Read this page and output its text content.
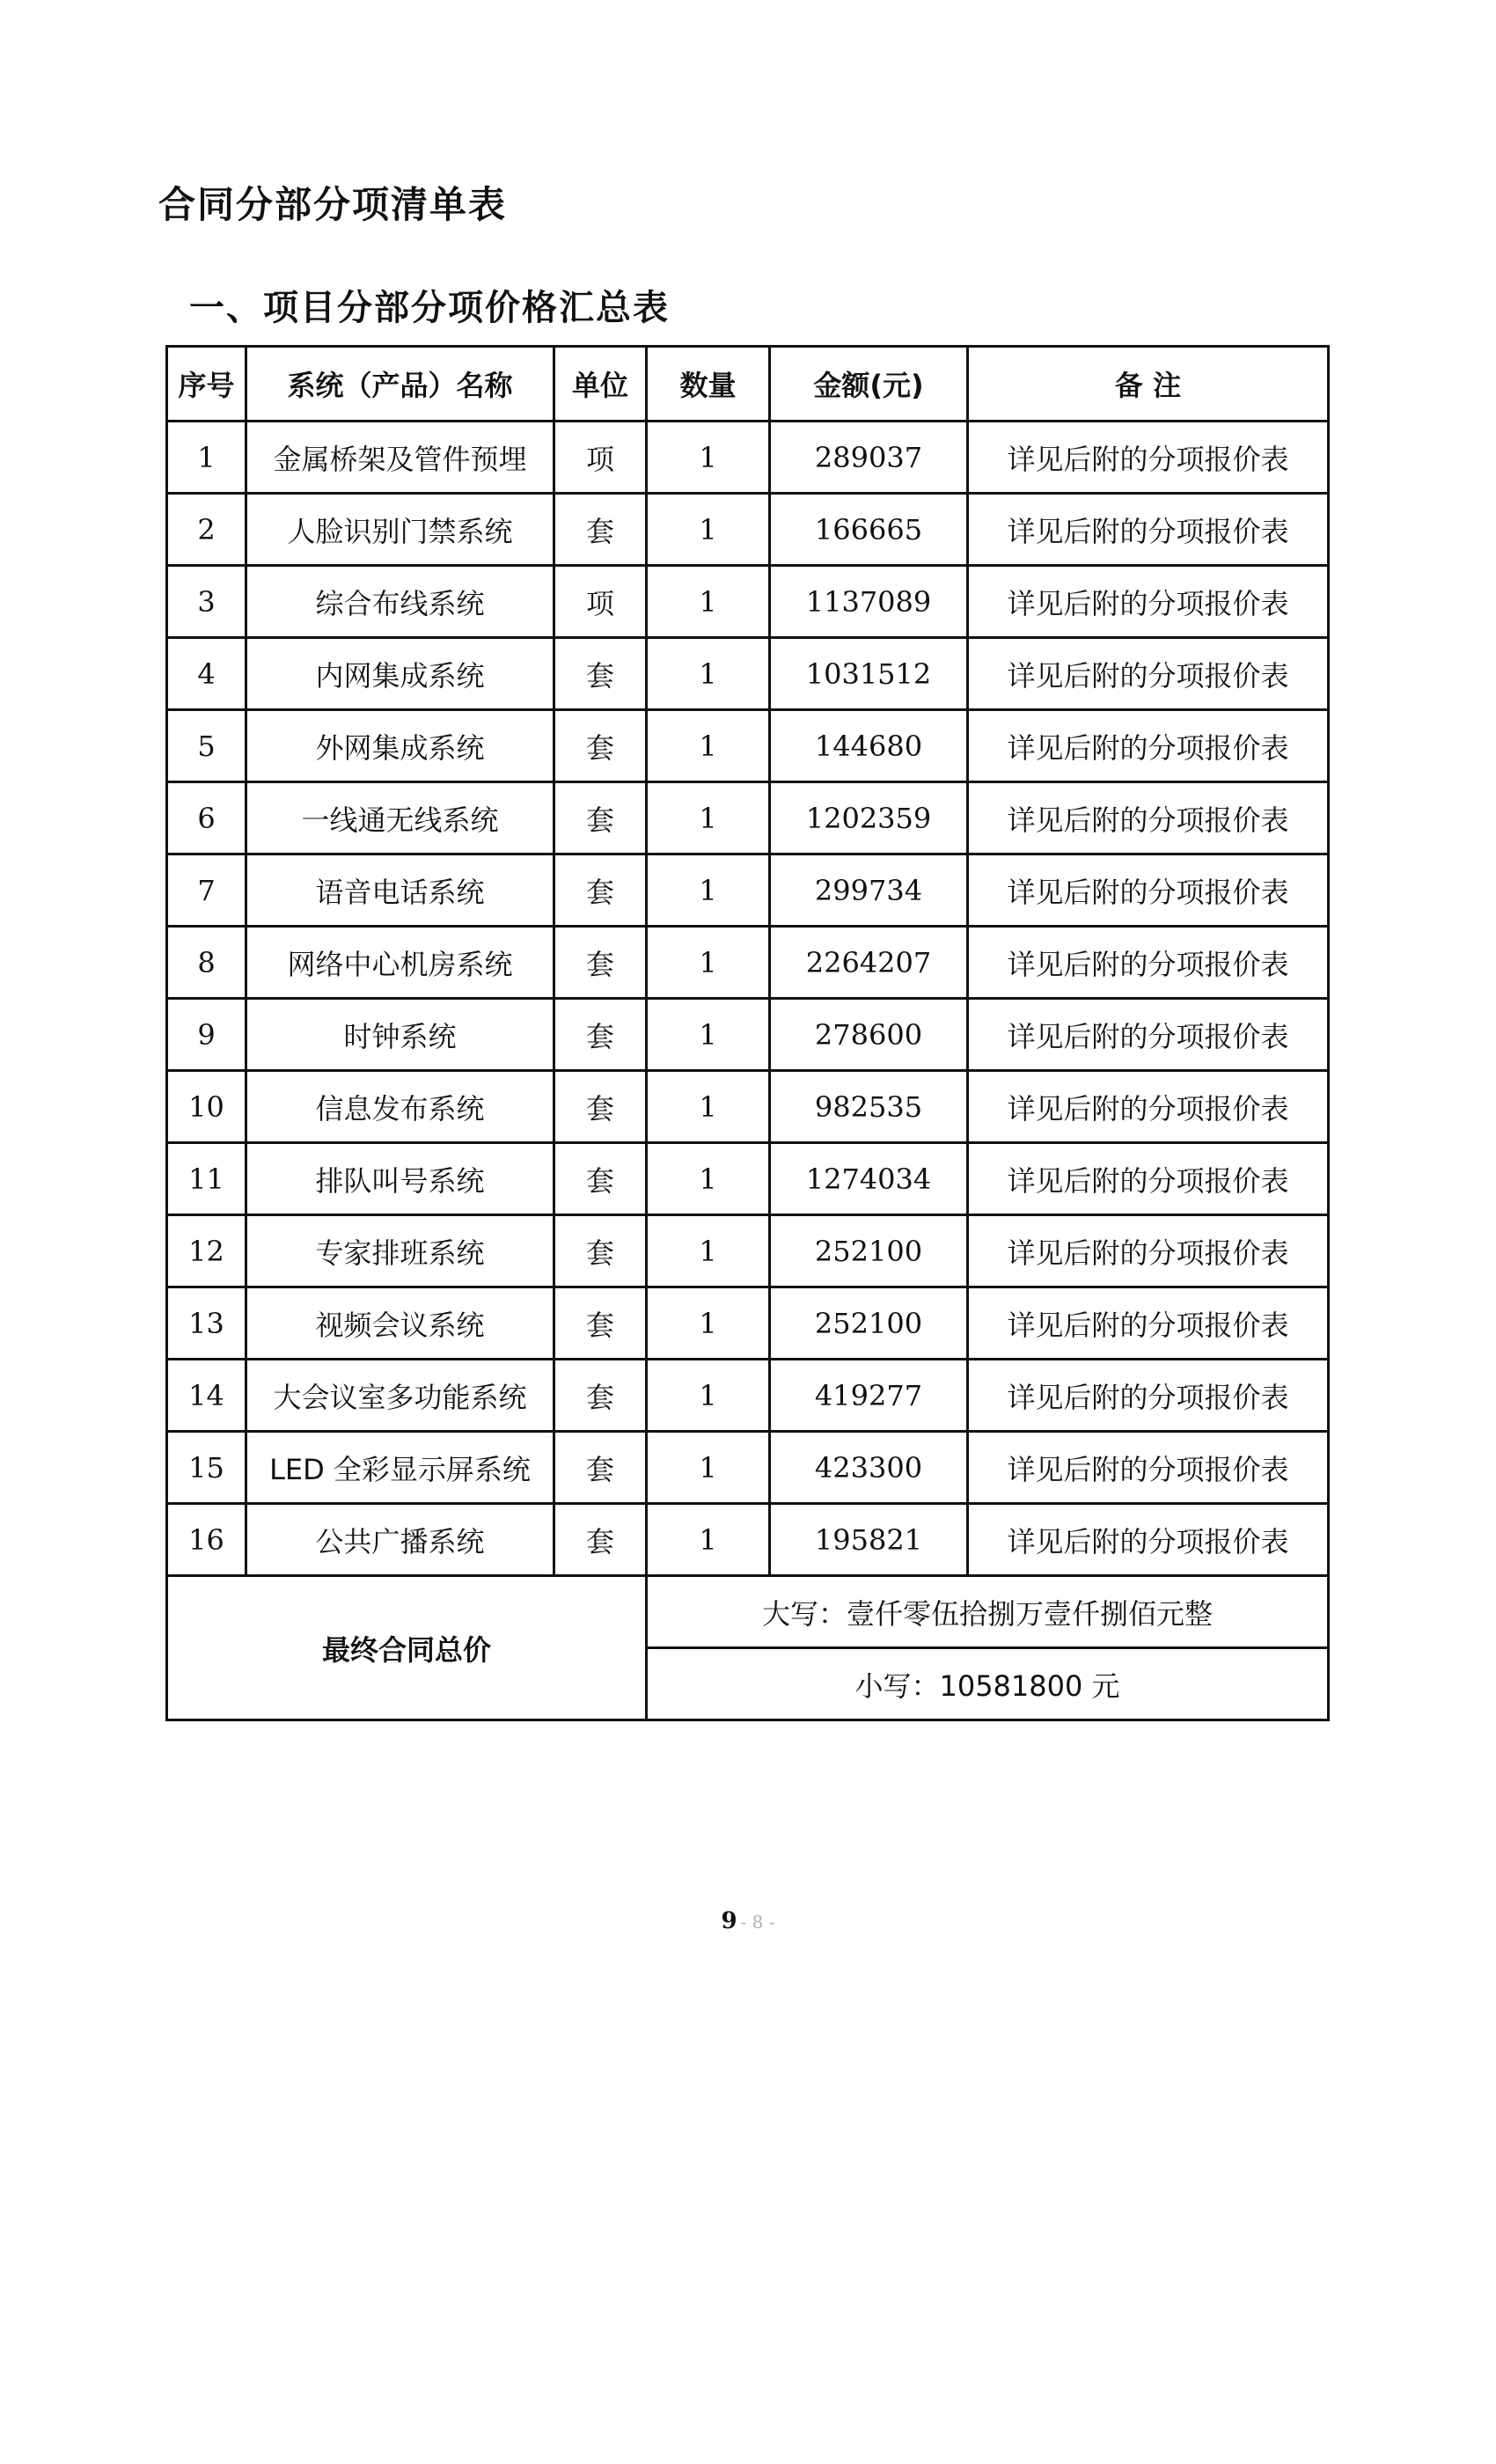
合同分部分项清单表
一、项目分部分项价格汇总表
序号	系统（产品）名称	单位	数量	金额(元)	备 注
1	金属桥架及管件预埋	项	1	289037	详见后附的分项报价表
2	人脸识别门禁系统	套	1	166665	详见后附的分项报价表
3	综合布线系统	项	1	1137089	详见后附的分项报价表
4	内网集成系统	套	1	1031512	详见后附的分项报价表
5	外网集成系统	套	1	144680	详见后附的分项报价表
6	一线通无线系统	套	1	1202359	详见后附的分项报价表
7	语音电话系统	套	1	299734	详见后附的分项报价表
8	网络中心机房系统	套	1	2264207	详见后附的分项报价表
9	时钟系统	套	1	278600	详见后附的分项报价表
10	信息发布系统	套	1	982535	详见后附的分项报价表
11	排队叫号系统	套	1	1274034	详见后附的分项报价表
12	专家排班系统	套	1	252100	详见后附的分项报价表
13	视频会议系统	套	1	252100	详见后附的分项报价表
14	大会议室多功能系统	套	1	419277	详见后附的分项报价表
15	LED 全彩显示屏系统	套	1	423300	详见后附的分项报价表
16	公共广播系统	套	1	195821	详见后附的分项报价表
最终合同总价			大写：壹仟零伍拾捌万壹仟捌佰元整		
			小写：10581800 元		
9 - 8 -
